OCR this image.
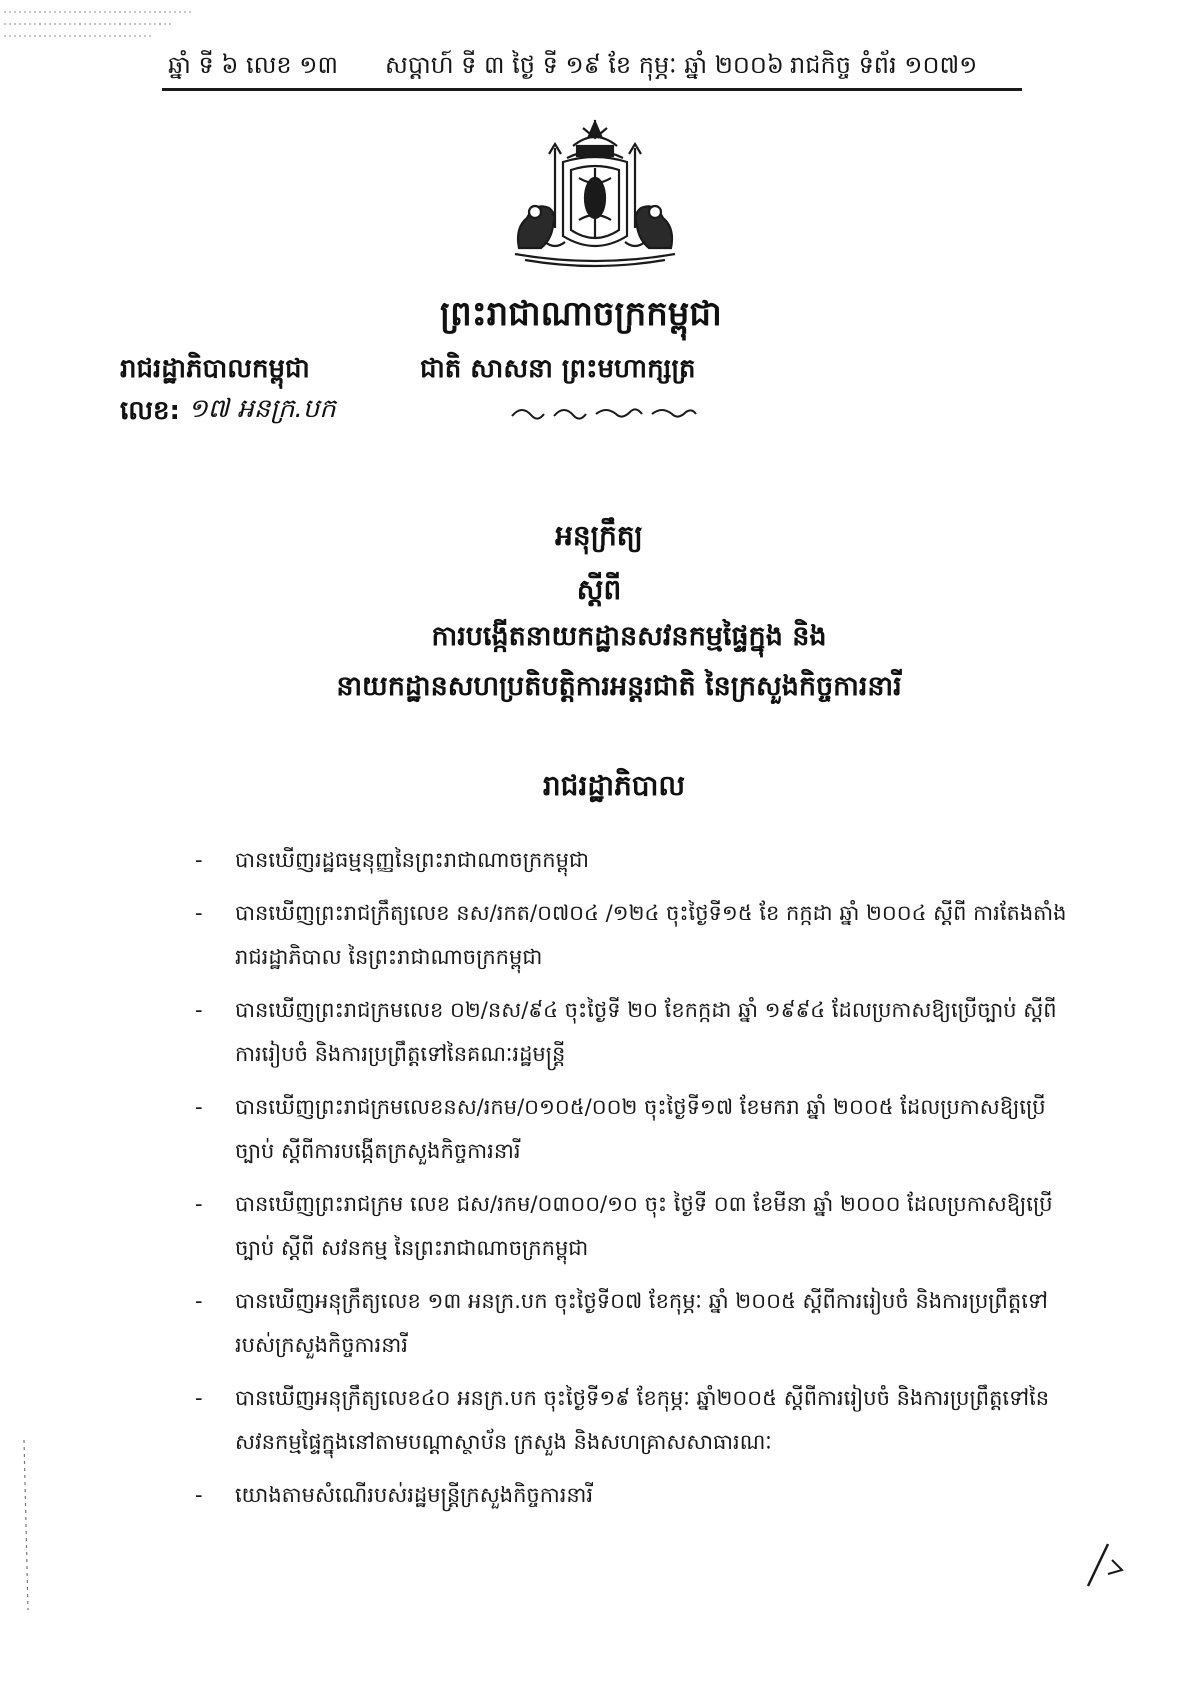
ឆ្នាំ ទី ៦ លេខ ១៣ សប្តាហ៍ ទី ៣ ថ្ងៃ ទី ១៩ ខែ កុម្ភៈ ឆ្នាំ ២០០៦ រាជកិច្ច ទំព័រ ១០៧១
ព្រះរាជាណាចក្រកម្ពុជា
ជាតិ សាសនា ព្រះមហាក្សត្រ
រាជរដ្ឋាភិបាលកម្ពុជា
លេខ: ១៧ អនក្រ.បក
អនុក្រឹត្យ
ស្តីពី
ការបង្កើតនាយកដ្ឋានសវនកម្មផ្ទៃក្នុង និង
នាយកដ្ឋានសហប្រតិបត្តិការអន្តរជាតិ នៃក្រសួងកិច្ចការនារី
រាជរដ្ឋាភិបាល
- បានឃើញរដ្ឋធម្មនុញ្ញនៃព្រះរាជាណាចក្រកម្ពុជា
- បានឃើញព្រះរាជក្រឹត្យលេខ នស/រកត/០៧០៤ /១២៤ ចុះថ្ងៃទី១៥ ខែ កក្កដា ឆ្នាំ ២០០៤ ស្តីពី ការតែងតាំង រាជរដ្ឋាភិបាល នៃព្រះរាជាណាចក្រកម្ពុជា
- បានឃើញព្រះរាជក្រមលេខ ០២/នស/៩៤ ចុះថ្ងៃទី ២០ ខែកក្កដា ឆ្នាំ ១៩៩៤ ដែលប្រកាសឱ្យប្រើច្បាប់ ស្តីពីការរៀបចំ និងការប្រព្រឹត្តទៅនៃគណៈរដ្ឋមន្ត្រី
- បានឃើញព្រះរាជក្រមលេខនស/រកម/០១០៥/០០២ ចុះថ្ងៃទី១៧ ខែមករា ឆ្នាំ ២០០៥ ដែលប្រកាសឱ្យប្រើច្បាប់ ស្តីពីការបង្កើតក្រសួងកិច្ចការនារី
- បានឃើញព្រះរាជក្រម លេខ ជស/រកម/០៣០០/១០ ចុះ ថ្ងៃទី ០៣ ខែមីនា ឆ្នាំ ២០០០ ដែលប្រកាសឱ្យប្រើច្បាប់ ស្តីពី សវនកម្ម នៃព្រះរាជាណាចក្រកម្ពុជា
- បានឃើញអនុក្រឹត្យលេខ ១៣ អនក្រ.បក ចុះថ្ងៃទី០៧ ខែកុម្ភៈ ឆ្នាំ ២០០៥ ស្តីពីការរៀបចំ និងការប្រព្រឹត្តទៅរបស់ក្រសួងកិច្ចការនារី
- បានឃើញអនុក្រឹត្យលេខ៤០ អនក្រ.បក ចុះថ្ងៃទី១៩ ខែកុម្ភៈ ឆ្នាំ២០០៥ ស្តីពីការរៀបចំ និងការប្រព្រឹត្តទៅនៃសវនកម្មផ្ទៃក្នុងនៅតាមបណ្តាស្ថាប័ន ក្រសួង និងសហគ្រាសសាធារណៈ
- យោងតាមសំណើរបស់រដ្ឋមន្ត្រីក្រសួងកិច្ចការនារី
